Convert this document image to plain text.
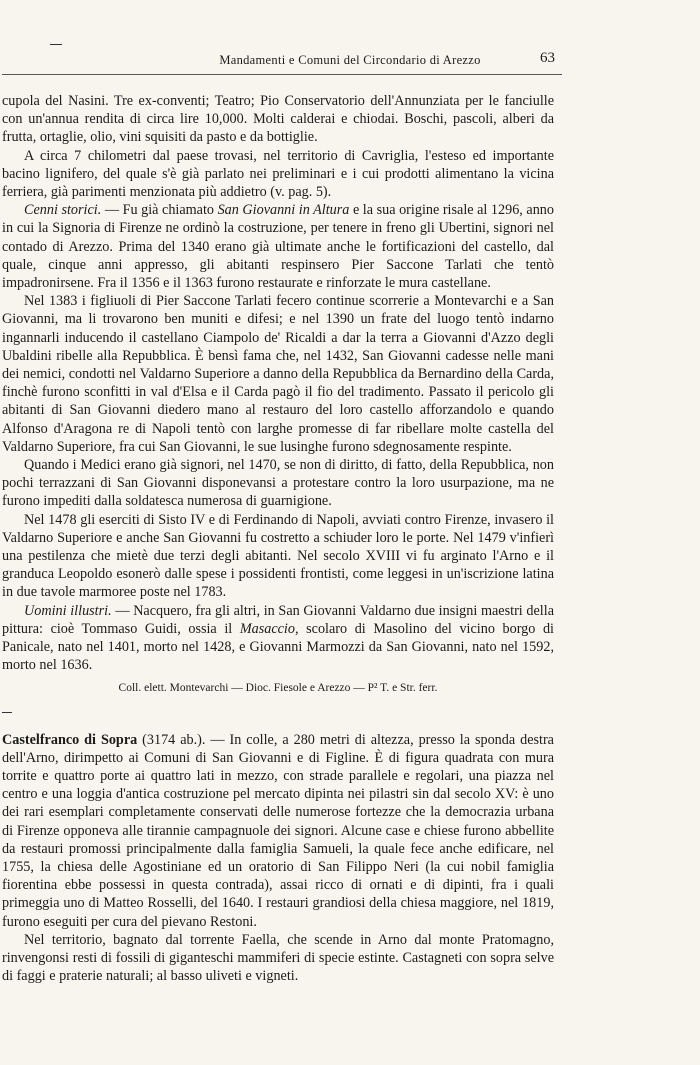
Mandamenti e Comuni del Circondario di Arezzo	63

cupola del Nasini. Tre ex-conventi; Teatro; Pio Conservatorio dell'Annunziata per le fanciulle con un'annua rendita di circa lire 10,000. Molti calderai e chiodai. Boschi, pascoli, alberi da frutta, ortaglie, olio, vini squisiti da pasto e da bottiglie.

A circa 7 chilometri dal paese trovasi, nel territorio di Cavriglia, l'esteso ed importante bacino lignifero, del quale s'è già parlato nei preliminari e i cui prodotti alimentano la vicina ferriera, già parimenti menzionata più addietro (v. pag. 5).

Cenni storici. — Fu già chiamato San Giovanni in Altura e la sua origine risale al 1296, anno in cui la Signoria di Firenze ne ordinò la costruzione, per tenere in freno gli Ubertini, signori nel contado di Arezzo. Prima del 1340 erano già ultimate anche le fortificazioni del castello, dal quale, cinque anni appresso, gli abitanti respinsero Pier Saccone Tarlati che tentò impadronirsene. Fra il 1356 e il 1363 furono restaurate e rinforzate le mura castellane.

Nel 1383 i figliuoli di Pier Saccone Tarlati fecero continue scorrerie a Montevarchi e a San Giovanni, ma li trovarono ben muniti e difesi; e nel 1390 un frate del luogo tentò indarno ingannarli inducendo il castellano Ciampolo de' Ricaldi a dar la terra a Giovanni d'Azzo degli Ubaldini ribelle alla Repubblica. È bensì fama che, nel 1432, San Giovanni cadesse nelle mani dei nemici, condotti nel Valdarno Superiore a danno della Repubblica da Bernardino della Carda, finchè furono sconfitti in val d'Elsa e il Carda pagò il fio del tradimento. Passato il pericolo gli abitanti di San Giovanni diedero mano al restauro del loro castello afforzandolo e quando Alfonso d'Aragona re di Napoli tentò con larghe promesse di far ribellare molte castella del Valdarno Superiore, fra cui San Giovanni, le sue lusinghe furono sdegnosamente respinte.

Quando i Medici erano già signori, nel 1470, se non di diritto, di fatto, della Repubblica, non pochi terrazzani di San Giovanni disponevansi a protestare contro la loro usurpazione, ma ne furono impediti dalla soldatesca numerosa di guarnigione.

Nel 1478 gli eserciti di Sisto IV e di Ferdinando di Napoli, avviati contro Firenze, invasero il Valdarno Superiore e anche San Giovanni fu costretto a schiuder loro le porte. Nel 1479 v'infierì una pestilenza che mietè due terzi degli abitanti. Nel secolo XVIII vi fu arginato l'Arno e il granduca Leopoldo esonerò dalle spese i possidenti frontisti, come leggesi in un'iscrizione latina in due tavole marmoree poste nel 1783.

Uomini illustri. — Nacquero, fra gli altri, in San Giovanni Valdarno due insigni maestri della pittura: cioè Tommaso Guidi, ossia il Masaccio, scolaro di Masolino del vicino borgo di Panicale, nato nel 1401, morto nel 1428, e Giovanni Marmozzi da San Giovanni, nato nel 1592, morto nel 1636.

Coll. elett. Montevarchi — Dioc. Fiesole e Arezzo — P² T. e Str. ferr.

Castelfranco di Sopra (3174 ab.). — In colle, a 280 metri di altezza, presso la sponda destra dell'Arno, dirimpetto ai Comuni di San Giovanni e di Figline. È di figura quadrata con mura torrite e quattro porte ai quattro lati in mezzo, con strade parallele e regolari, una piazza nel centro e una loggia d'antica costruzione pel mercato dipinta nei pilastri sin dal secolo XV: è uno dei rari esemplari completamente conservati delle numerose fortezze che la democrazia urbana di Firenze opponeva alle tirannie campagnuole dei signori. Alcune case e chiese furono abbellite da restauri promossi principalmente dalla famiglia Samueli, la quale fece anche edificare, nel 1755, la chiesa delle Agostiniane ed un oratorio di San Filippo Neri (la cui nobil famiglia fiorentina ebbe possessi in questa contrada), assai ricco di ornati e di dipinti, fra i quali primeggia uno di Matteo Rosselli, del 1640. I restauri grandiosi della chiesa maggiore, nel 1819, furono eseguiti per cura del pievano Restoni.

Nel territorio, bagnato dal torrente Faella, che scende in Arno dal monte Pratomagno, rinvengonsi resti di fossili di giganteschi mammiferi di specie estinte. Castagneti con sopra selve di faggi e praterie naturali; al basso uliveti e vigneti.
